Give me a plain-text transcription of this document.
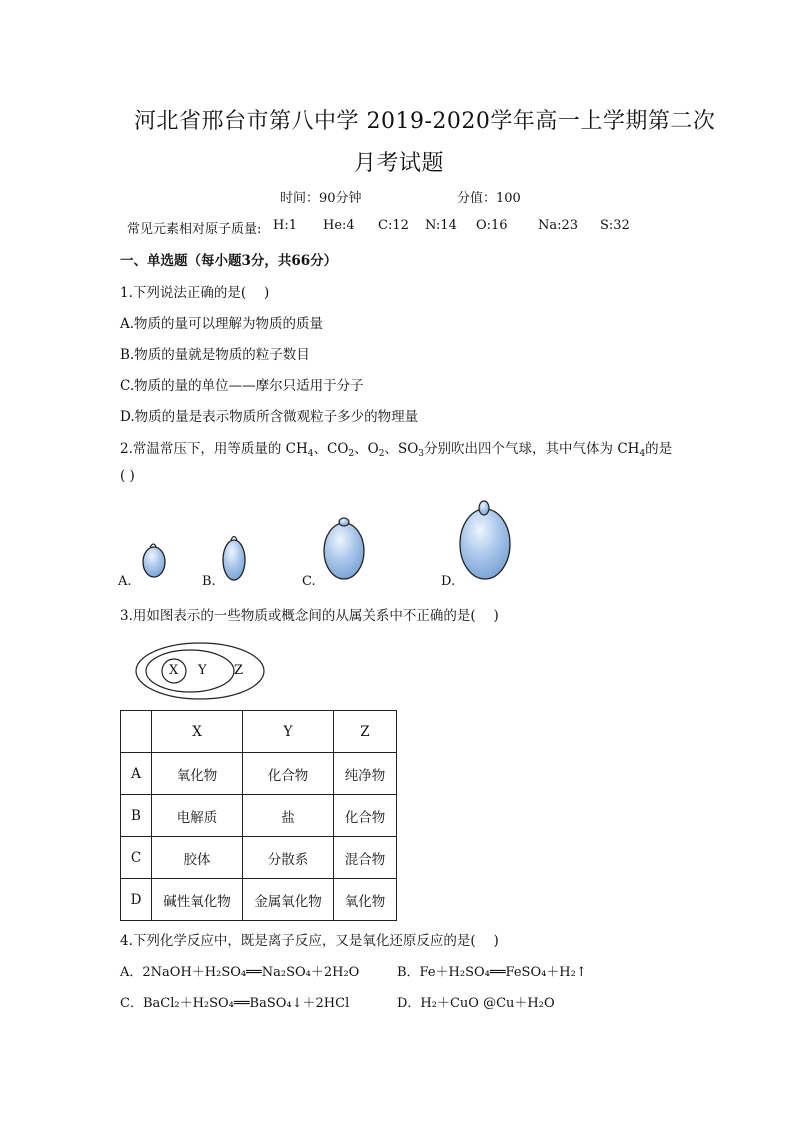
河北省邢台市第八中学 2019-2020学年高一上学期第二次
月考试题
时间：90分钟	分值：100
常见元素相对原子质量: H:1 He:4 C:12 N:14 O:16 Na:23 S:32
一、单选题（每小题3分，共66分）
1.下列说法正确的是(　 )
A.物质的量可以理解为物质的质量
B.物质的量就是物质的粒子数目
C.物质的量的单位——摩尔只适用于分子
D.物质的量是表示物质所含微观粒子多少的物理量
2.常温常压下，用等质量的 $CH_4$、$CO_2$、$O_2$、$SO_3$分别吹出四个气球，其中气体为 $CH_4$的是
( )
A.	B.	C.	D.
3.用如图表示的一些物质或概念间的从属关系中不正确的是(　 )
X Y Z
	X	Y	Z
A	氧化物	化合物	纯净物
B	电解质	盐	化合物
C	胶体	分散系	混合物
D	碱性氧化物	金属氧化物	氧化物
4.下列化学反应中，既是离子反应，又是氧化还原反应的是(　 )
A．2NaOH＋H₂SO₄══Na₂SO₄＋2H₂O	B．Fe＋H₂SO₄══FeSO₄＋H₂↑
C．BaCl₂＋H₂SO₄══BaSO₄↓＋2HCl	D．H₂＋CuO @Cu＋H₂O
